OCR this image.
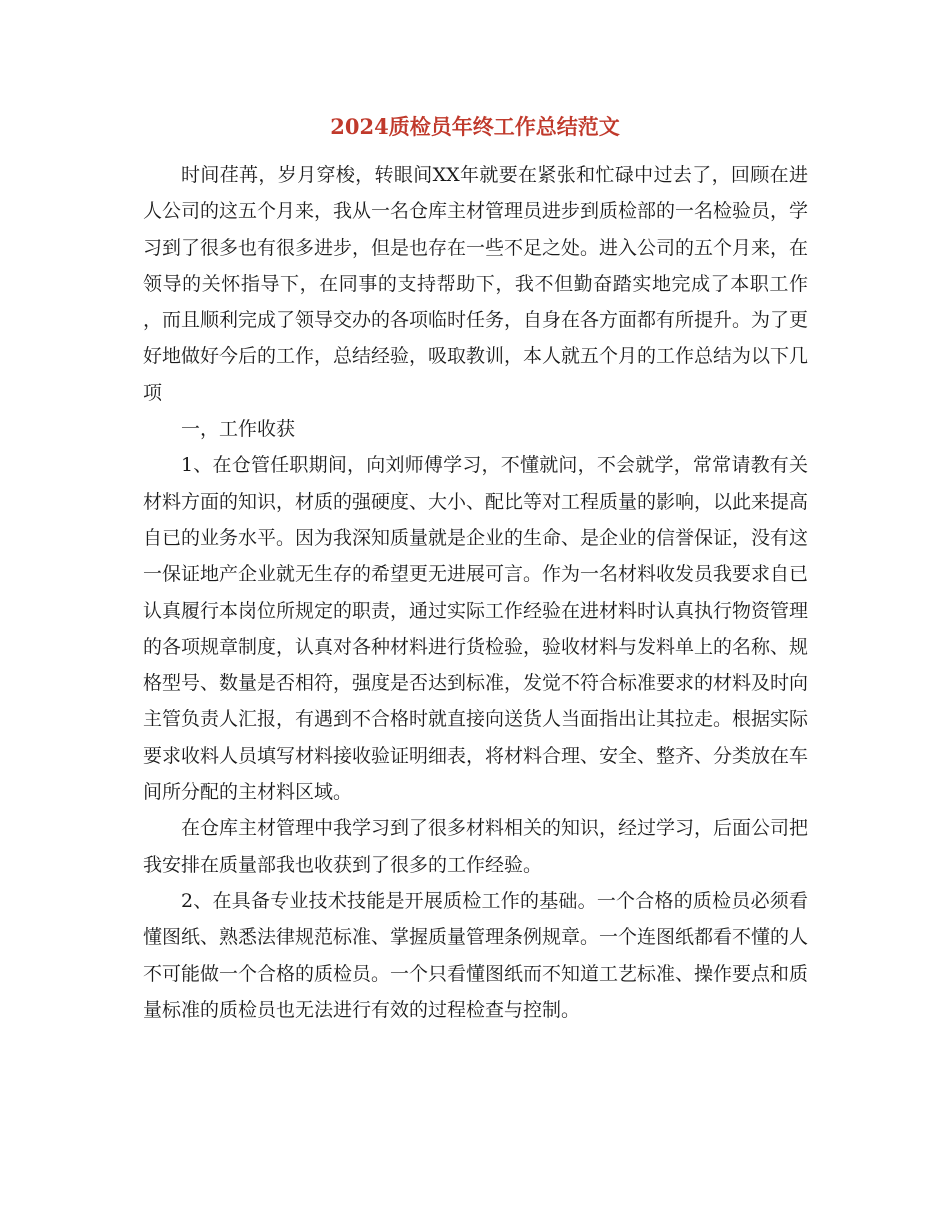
2024质检员年终工作总结范文

时间荏苒，岁月穿梭，转眼间XX年就要在紧张和忙碌中过去了，回顾在进人公司的这五个月来，我从一名仓库主材管理员进步到质检部的一名检验员，学习到了很多也有很多进步，但是也存在一些不足之处。进入公司的五个月来，在领导的关怀指导下，在同事的支持帮助下，我不但勤奋踏实地完成了本职工作 ，而且顺利完成了领导交办的各项临时任务，自身在各方面都有所提升。为了更好地做好今后的工作，总结经验，吸取教训，本人就五个月的工作总结为以下几项

一，工作收获

1、在仓管任职期间，向刘师傅学习，不懂就问，不会就学，常常请教有关材料方面的知识，材质的强硬度、大小、配比等对工程质量的影响，以此来提高自已的业务水平。因为我深知质量就是企业的生命、是企业的信誉保证，没有这一保证地产企业就无生存的希望更无进展可言。作为一名材料收发员我要求自已认真履行本岗位所规定的职责，通过实际工作经验在进材料时认真执行物资管理的各项规章制度，认真对各种材料进行货检验，验收材料与发料单上的名称、规格型号、数量是否相符，强度是否达到标准，发觉不符合标准要求的材料及时向主管负责人汇报，有遇到不合格时就直接向送货人当面指出让其拉走。根据实际要求收料人员填写材料接收验证明细表，将材料合理、安全、整齐、分类放在车间所分配的主材料区域。

在仓库主材管理中我学习到了很多材料相关的知识，经过学习，后面公司把我安排在质量部我也收获到了很多的工作经验。

2、在具备专业技术技能是开展质检工作的基础。一个合格的质检员必须看懂图纸、熟悉法律规范标准、掌握质量管理条例规章。一个连图纸都看不懂的人不可能做一个合格的质检员。一个只看懂图纸而不知道工艺标准、操作要点和质量标准的质检员也无法进行有效的过程检查与控制。
